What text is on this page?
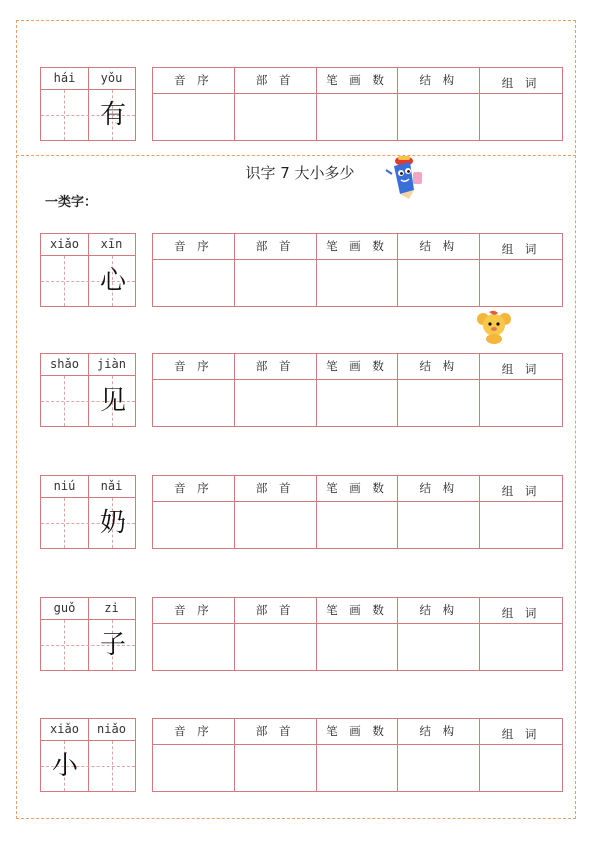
识字 7 大小多少
一类字：
hái	yǒu
有
音 序	部 首	笔 画 数	结 构	组 词
xiǎo	xīn
心
音 序	部 首	笔 画 数	结 构	组 词
shǎo	jiàn
见
音 序	部 首	笔 画 数	结 构	组 词
niú	nǎi
奶
音 序	部 首	笔 画 数	结 构	组 词
guǒ	zi
子
音 序	部 首	笔 画 数	结 构	组 词
xiǎo	niǎo
小
音 序	部 首	笔 画 数	结 构	组 词
